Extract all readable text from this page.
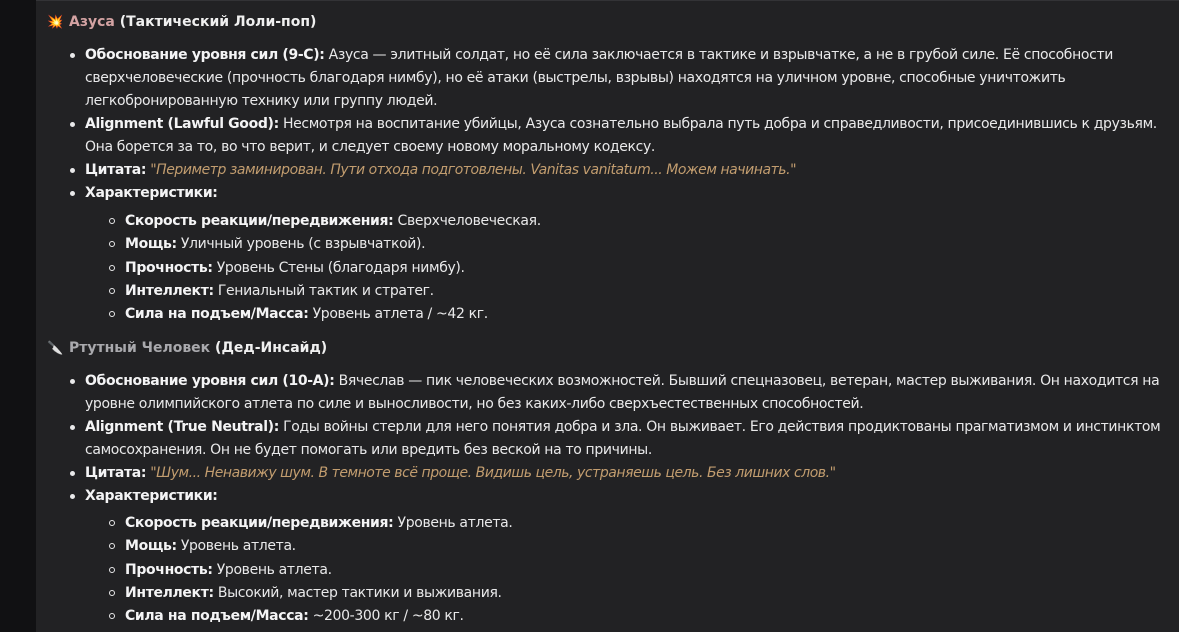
💥 Азуса (Тактический Лоли-поп)
Обоснование уровня сил (9-С): Азуса — элитный солдат, но её сила заключается в тактике и взрывчатке, а не в грубой силе. Её способности сверхчеловеческие (прочность благодаря нимбу), но её атаки (выстрелы, взрывы) находятся на уличном уровне, способные уничтожить легкобронированную технику или группу людей.
Alignment (Lawful Good): Несмотря на воспитание убийцы, Азуса сознательно выбрала путь добра и справедливости, присоединившись к друзьям. Она борется за то, во что верит, и следует своему новому моральному кодексу.
Цитата: "Периметр заминирован. Пути отхода подготовлены. Vanitas vanitatum... Можем начинать."
Характеристики:
Скорость реакции/передвижения: Сверхчеловеческая.
Мощь: Уличный уровень (с взрывчаткой).
Прочность: Уровень Стены (благодаря нимбу).
Интеллект: Гениальный тактик и стратег.
Сила на подъем/Масса: Уровень атлета / ~42 кг.
🔪 Ртутный Человек (Дед-Инсайд)
Обоснование уровня сил (10-А): Вячеслав — пик человеческих возможностей. Бывший спецназовец, ветеран, мастер выживания. Он находится на уровне олимпийского атлета по силе и выносливости, но без каких-либо сверхъестественных способностей.
Alignment (True Neutral): Годы войны стерли для него понятия добра и зла. Он выживает. Его действия продиктованы прагматизмом и инстинктом самосохранения. Он не будет помогать или вредить без веской на то причины.
Цитата: "Шум... Ненавижу шум. В темноте всё проще. Видишь цель, устраняешь цель. Без лишних слов."
Характеристики:
Скорость реакции/передвижения: Уровень атлета.
Мощь: Уровень атлета.
Прочность: Уровень атлета.
Интеллект: Высокий, мастер тактики и выживания.
Сила на подъем/Масса: ~200-300 кг / ~80 кг.
